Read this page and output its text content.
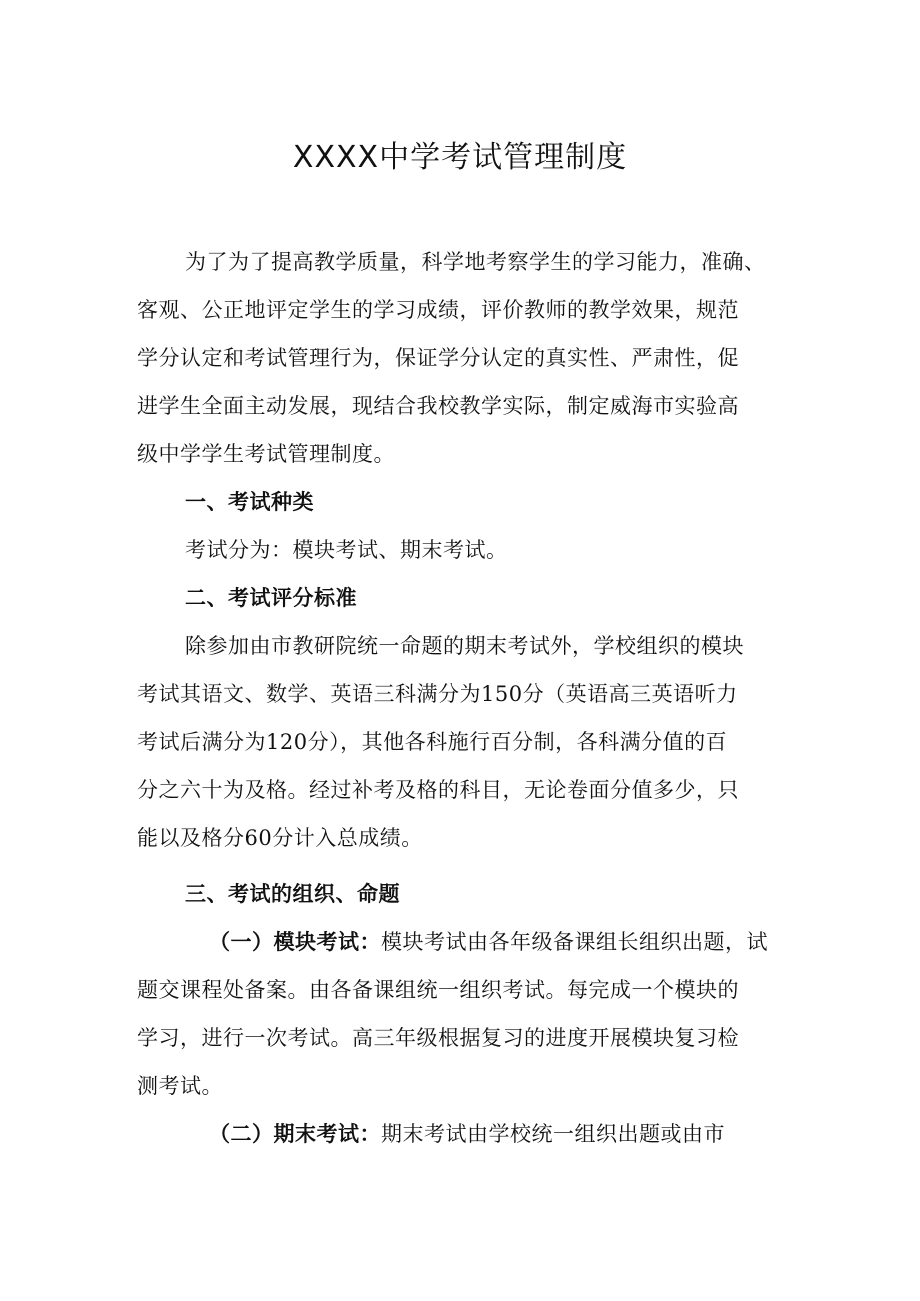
XXXX中学考试管理制度
为了为了提高教学质量，科学地考察学生的学习能力，准确、
客观、公正地评定学生的学习成绩，评价教师的教学效果，规范
学分认定和考试管理行为，保证学分认定的真实性、严肃性，促
进学生全面主动发展，现结合我校教学实际，制定威海市实验高
级中学学生考试管理制度。
一、考试种类
考试分为：模块考试、期末考试。
二、考试评分标准
除参加由市教研院统一命题的期末考试外，学校组织的模块
考试其语文、数学、英语三科满分为150分（英语高三英语听力
考试后满分为120分），其他各科施行百分制，各科满分值的百
分之六十为及格。经过补考及格的科目，无论卷面分值多少，只
能以及格分60分计入总成绩。
三、考试的组织、命题
（一）模块考试：模块考试由各年级备课组长组织出题，试
题交课程处备案。由各备课组统一组织考试。每完成一个模块的
学习，进行一次考试。高三年级根据复习的进度开展模块复习检
测考试。
（二）期末考试：期末考试由学校统一组织出题或由市
